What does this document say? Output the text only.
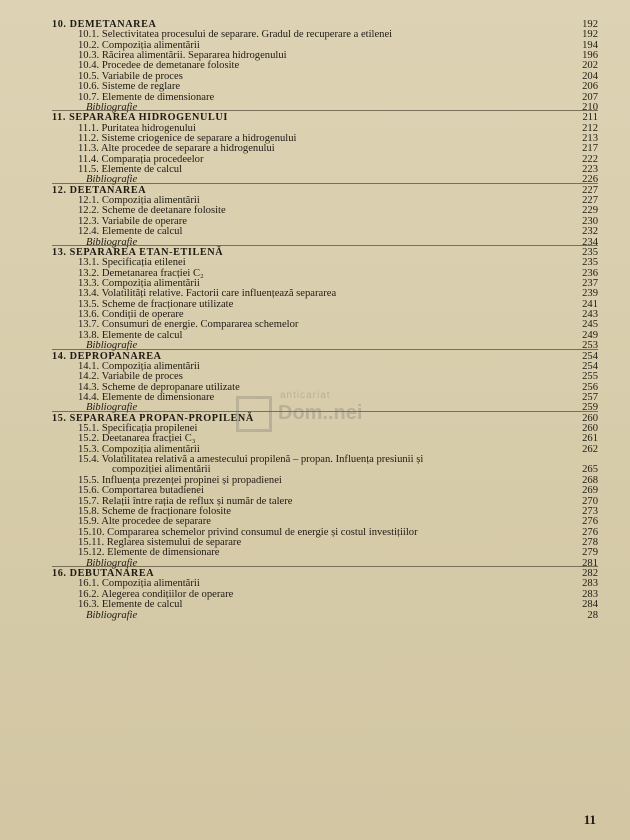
10. DEMETANAREA	192
10.1. Selectivitatea procesului de separare. Gradul de recuperare a etilenei	192
10.2. Compoziția alimentării	194
10.3. Răcirea alimentării. Separarea hidrogenului	196
10.4. Procedee de demetanare folosite	202
10.5. Variabile de proces	204
10.6. Sisteme de reglare	206
10.7. Elemente de dimensionare	207
Bibliografie	210
11. SEPARAREA HIDROGENULUI	211
11.1. Puritatea hidrogenului	212
11.2. Sisteme criogenice de separare a hidrogenului	213
11.3. Alte procedee de separare a hidrogenului	217
11.4. Comparația procedeelor	222
11.5. Elemente de calcul	223
Bibliografie	226
12. DEETANAREA	227
12.1. Compoziția alimentării	227
12.2. Scheme de deetanare folosite	229
12.3. Variabile de operare	230
12.4. Elemente de calcul	232
Bibliografie	234
13. SEPARAREA ETAN-ETILENĂ	235
13.1. Specificația etilenei	235
13.2. Demetanarea fracției C₂	236
13.3. Compoziția alimentării	237
13.4. Volatilități relative. Factorii care influențează separarea	239
13.5. Scheme de fracționare utilizate	241
13.6. Condiții de operare	243
13.7. Consumuri de energie. Compararea schemelor	245
13.8. Elemente de calcul	249
Bibliografie	253
14. DEPROPANAREA	254
14.1. Compoziția alimentării	254
14.2. Variabile de proces	255
14.3. Scheme de depropanare utilizate	256
14.4. Elemente de dimensionare	257
Bibliografie	259
15. SEPARAREA PROPAN-PROPILENĂ	260
15.1. Specificația propilenei	260
15.2. Deetanarea fracției C₃	261
15.3. Compoziția alimentării	262
15.4. Volatilitatea relativă a amestecului propilenă – propan. Influența presiunii și
compoziției alimentării	265
15.5. Influența prezenței propinei și propadienei	268
15.6. Comportarea butadienei	269
15.7. Relații între rația de reflux și număr de talere	270
15.8. Scheme de fracționare folosite	273
15.9. Alte procedee de separare	276
15.10. Compararea schemelor privind consumul de energie și costul investițiilor	276
15.11. Reglarea sistemului de separare	278
15.12. Elemente de dimensionare	279
Bibliografie	281
16. DEBUTANAREA	282
16.1. Compoziția alimentării	283
16.2. Alegerea condițiilor de operare	283
16.3. Elemente de calcul	284
Bibliografie	28
anticariat
Dom..nei
11
